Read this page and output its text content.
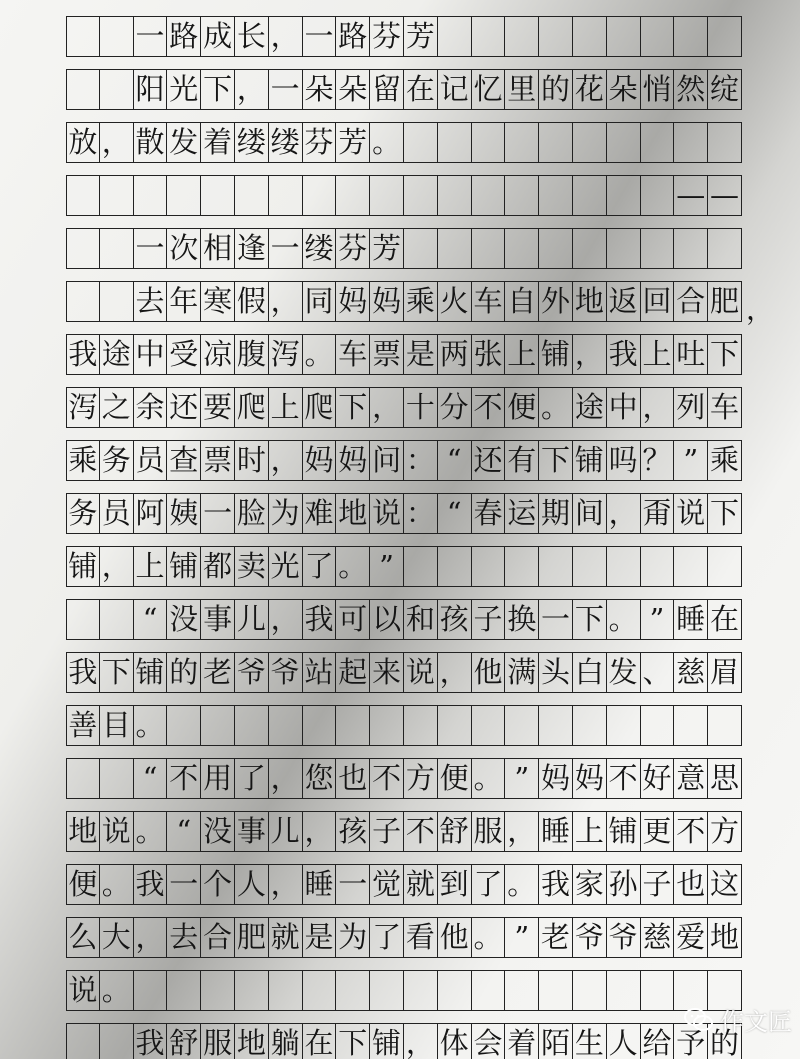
一 路 成 长 ， 一 路 芬 芳
阳 光 下 ， 一 朵 朵 留 在 记 忆 里 的 花 朵 悄 然 绽
放 ， 散 发 着 缕 缕 芬 芳 。
— —
一 次 相 逢 一 缕 芬 芳
去 年 寒 假 ， 同 妈 妈 乘 火 车 自 外 地 返 回 合 肥
我 途 中 受 凉 腹 泻 。 车 票 是 两 张 上 铺 ， 我 上 吐 下
泻 之 余 还 要 爬 上 爬 下 ， 十 分 不 便 。 途 中 ， 列 车
乘 务 员 查 票 时 ， 妈 妈 问 ： “ 还 有 下 铺 吗 ？ ” 乘
务 员 阿 姨 一 脸 为 难 地 说 ： “ 春 运 期 间 ， 甭 说 下
铺 ， 上 铺 都 卖 光 了 。 ”
“ 没 事 儿 ， 我 可 以 和 孩 子 换 一 下 。 ” 睡 在
我 下 铺 的 老 爷 爷 站 起 来 说 ， 他 满 头 白 发 、 慈 眉
善 目 。
“ 不 用 了 ， 您 也 不 方 便 。 ” 妈 妈 不 好 意 思
地 说 。 “ 没 事 儿 ， 孩 子 不 舒 服 ， 睡 上 铺 更 不 方
便 。 我 一 个 人 ， 睡 一 觉 就 到 了 。 我 家 孙 子 也 这
么 大 ， 去 合 肥 就 是 为 了 看 他 。 ” 老 爷 爷 慈 爱 地
说 。
我 舒 服 地 躺 在 下 铺 ， 体 会 着 陌 生 人 给 予 的
，
作文匠
